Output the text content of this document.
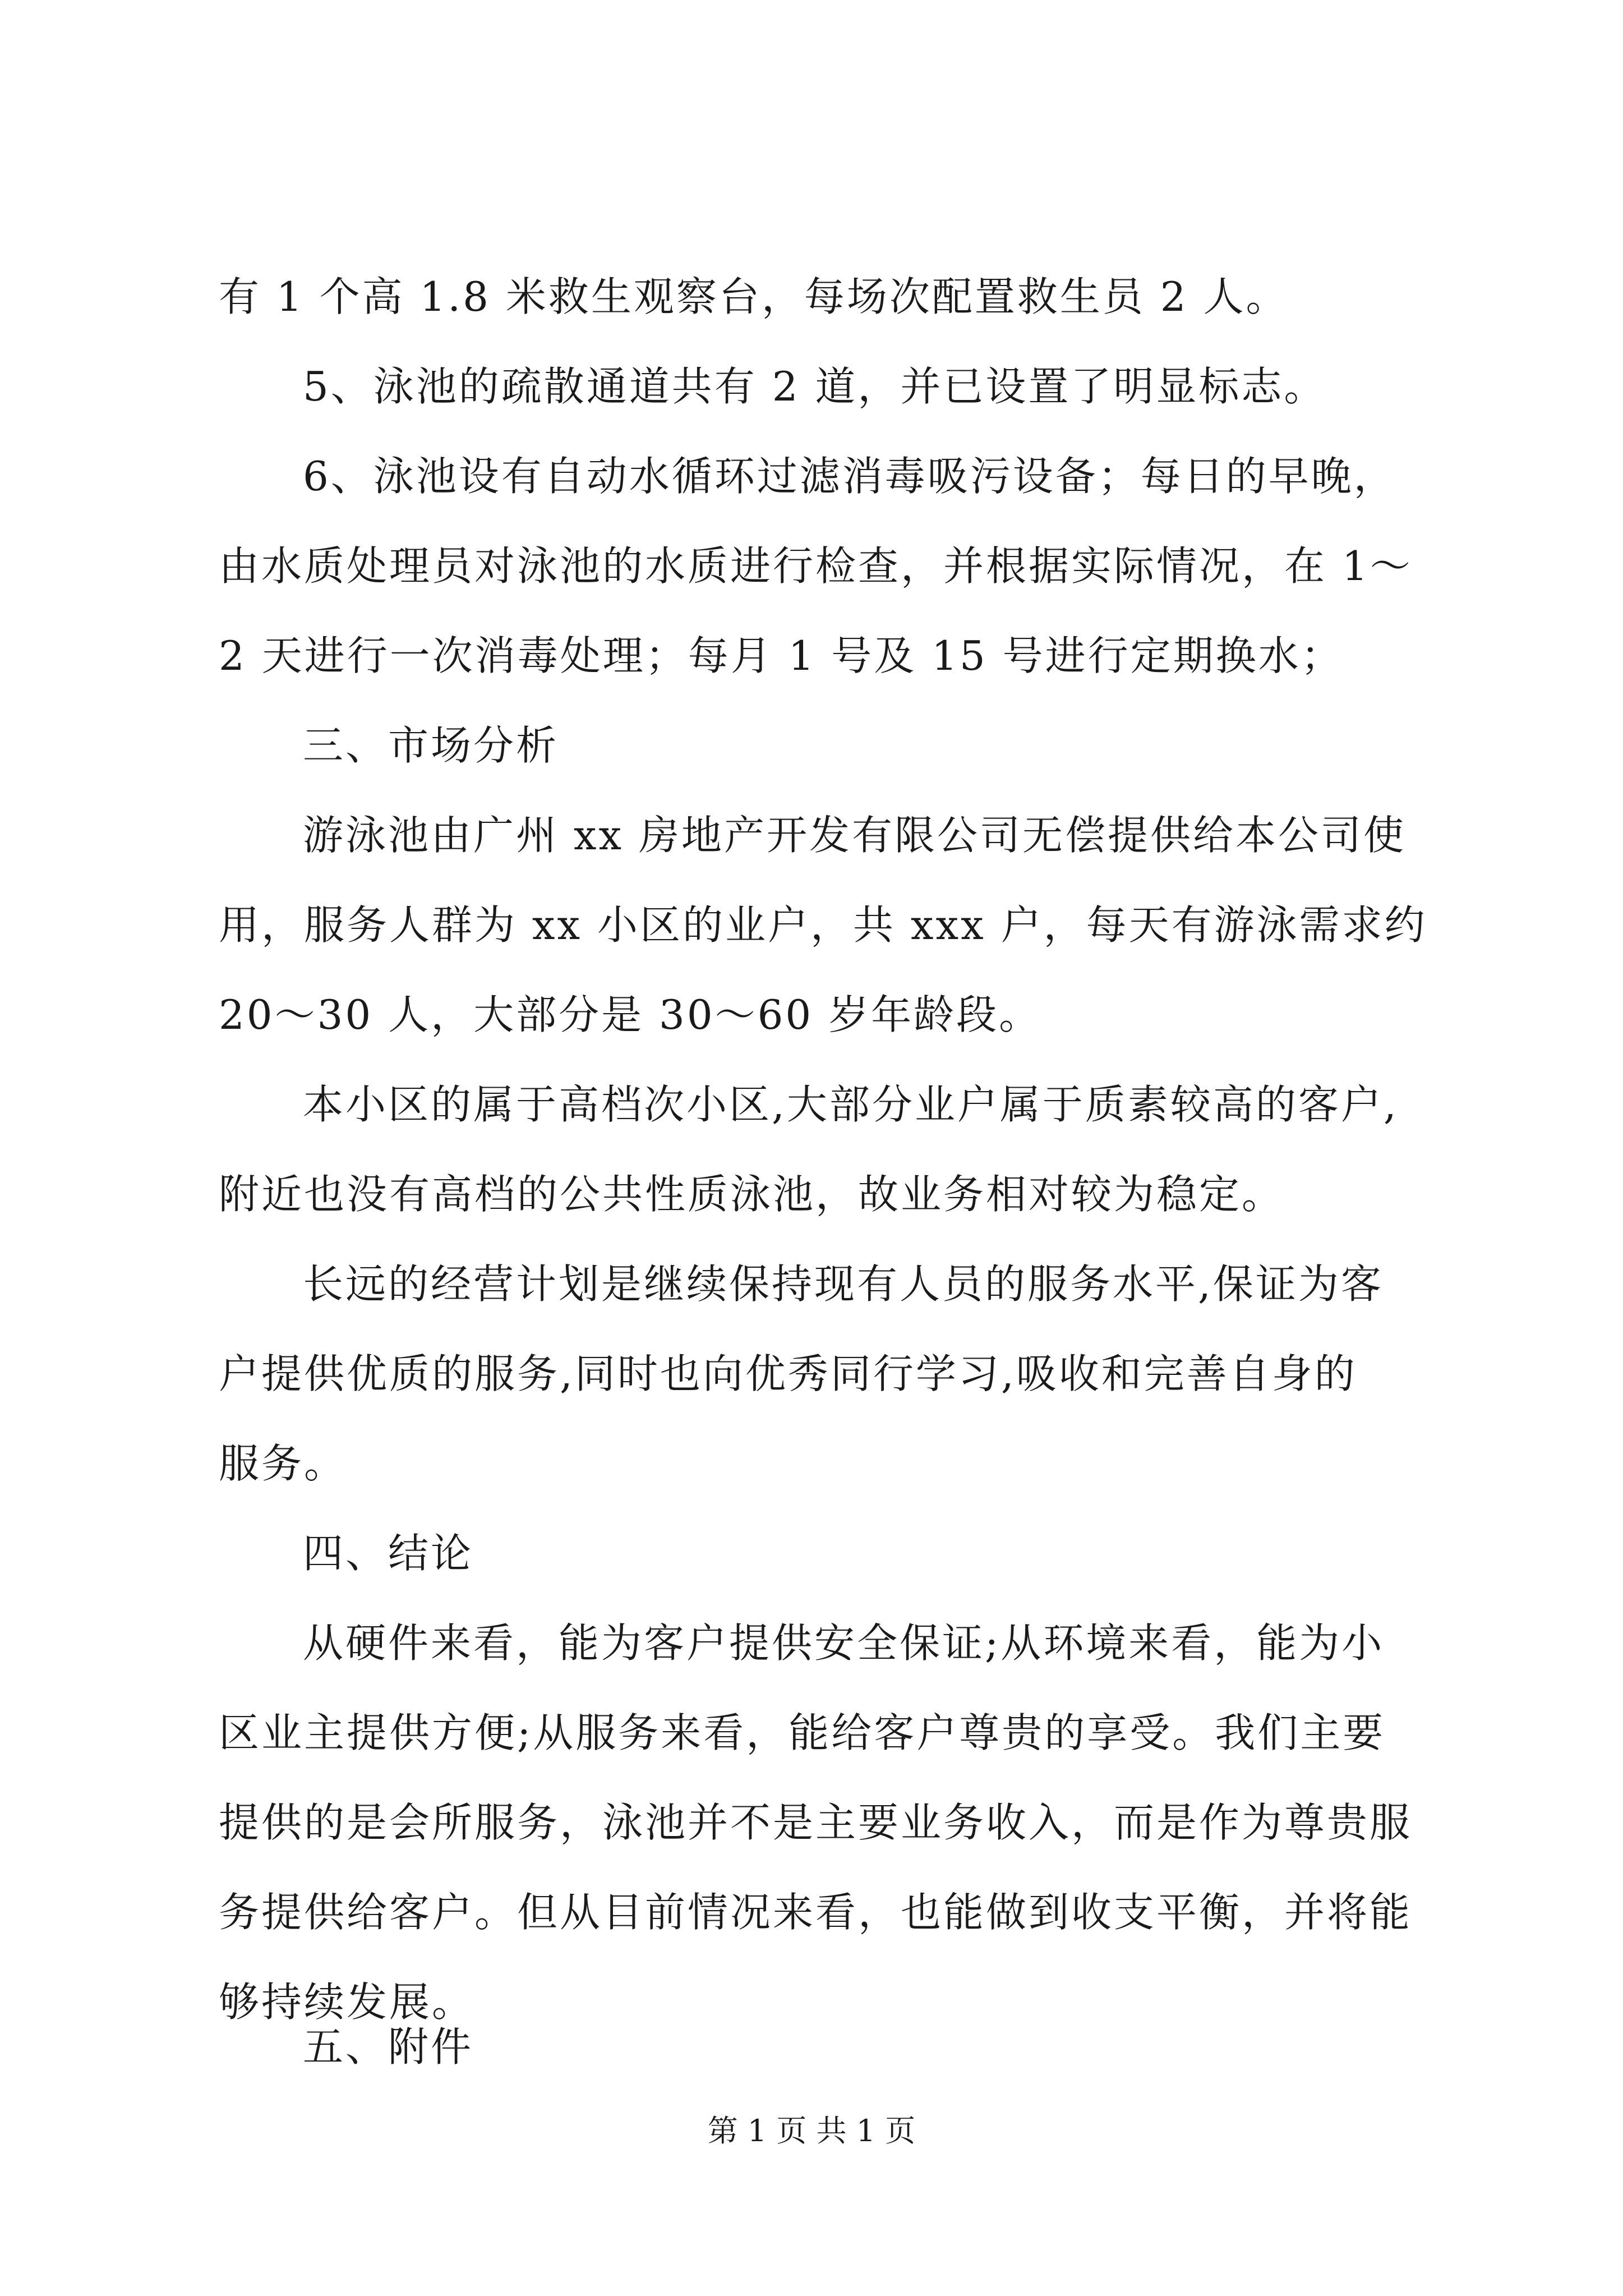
有 1 个高 1.8 米救生观察台，每场次配置救生员 2 人。
5、泳池的疏散通道共有 2 道，并已设置了明显标志。
6、泳池设有自动水循环过滤消毒吸污设备；每日的早晚，
由水质处理员对泳池的水质进行检查，并根据实际情况，在 1～
2 天进行一次消毒处理；每月 1 号及 15 号进行定期换水；
三、市场分析
游泳池由广州 xx 房地产开发有限公司无偿提供给本公司使
用，服务人群为 xx 小区的业户，共 xxx 户，每天有游泳需求约
20～30 人，大部分是 30～60 岁年龄段。
本小区的属于高档次小区,大部分业户属于质素较高的客户,
附近也没有高档的公共性质泳池，故业务相对较为稳定。
长远的经营计划是继续保持现有人员的服务水平,保证为客
户提供优质的服务,同时也向优秀同行学习,吸收和完善自身的
服务。
四、结论
从硬件来看，能为客户提供安全保证;从环境来看，能为小
区业主提供方便;从服务来看，能给客户尊贵的享受。我们主要
提供的是会所服务，泳池并不是主要业务收入，而是作为尊贵服
务提供给客户。但从目前情况来看，也能做到收支平衡，并将能
够持续发展。
五、附件
第 1 页 共 1 页
